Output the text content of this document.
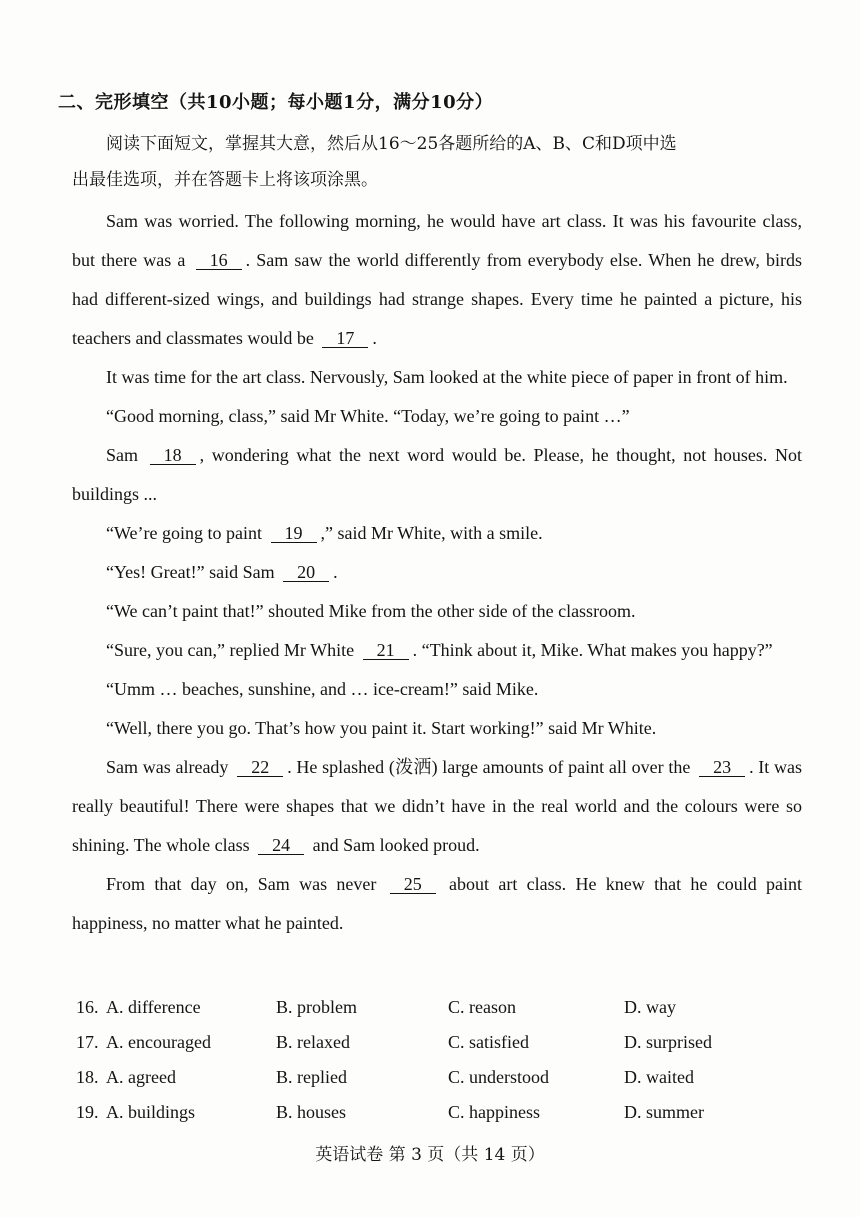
二、完形填空（共10小题；每小题1分，满分10分）
阅读下面短文，掌握其大意，然后从16～25各题所给的A、B、C和D项中选
出最佳选项，并在答题卡上将该项涂黑。

Sam was worried. The following morning, he would have art class. It was his favourite class, but there was a 16 . Sam saw the world differently from everybody else. When he drew, birds had different-sized wings, and buildings had strange shapes. Every time he painted a picture, his teachers and classmates would be 17 .

It was time for the art class. Nervously, Sam looked at the white piece of paper in front of him.

“Good morning, class,” said Mr White. “Today, we’re going to paint …”

Sam 18 , wondering what the next word would be. Please, he thought, not houses. Not buildings ...

“We’re going to paint 19 ,” said Mr White, with a smile.

“Yes! Great!” said Sam 20 .

“We can’t paint that!” shouted Mike from the other side of the classroom.

“Sure, you can,” replied Mr White 21 . “Think about it, Mike. What makes you happy?”

“Umm … beaches, sunshine, and … ice-cream!” said Mike.

“Well, there you go. That’s how you paint it. Start working!” said Mr White.

Sam was already 22 . He splashed (泼洒) large amounts of paint all over the 23 . It was really beautiful! There were shapes that we didn’t have in the real world and the colours were so shining. The whole class 24 and Sam looked proud.

From that day on, Sam was never 25 about art class. He knew that he could paint happiness, no matter what he painted.

16. A. difference	B. problem	C. reason	D. way
17. A. encouraged	B. relaxed	C. satisfied	D. surprised
18. A. agreed	B. replied	C. understood	D. waited
19. A. buildings	B. houses	C. happiness	D. summer
英语试卷 第 3 页（共 14 页）
